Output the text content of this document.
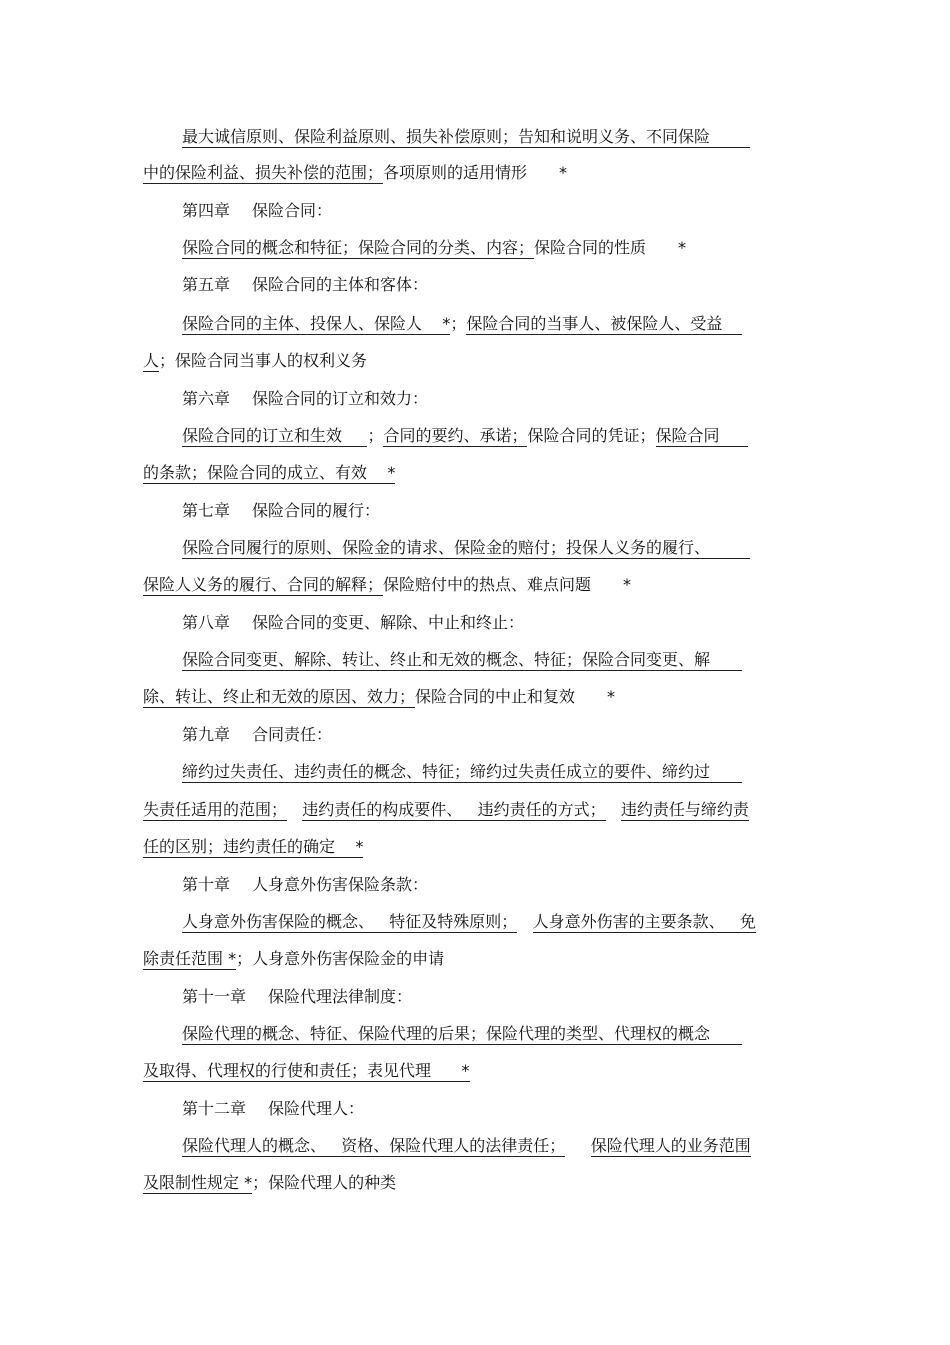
最大诚信原则、保险利益原则、损失补偿原则；告知和说明义务、不同保险
中的保险利益、损失补偿的范围；各项原则的适用情形 *
第四章 保险合同：
保险合同的概念和特征；保险合同的分类、内容；保险合同的性质 *
第五章 保险合同的主体和客体：
保险合同的主体、投保人、保险人 *；保险合同的当事人、被保险人、受益
人；保险合同当事人的权利义务
第六章 保险合同的订立和效力：
保险合同的订立和生效 ；合同的要约、承诺；保险合同的凭证；保险合同
的条款；保险合同的成立、有效 *
第七章 保险合同的履行：
保险合同履行的原则、保险金的请求、保险金的赔付；投保人义务的履行、
保险人义务的履行、合同的解释；保险赔付中的热点、难点问题 *
第八章 保险合同的变更、解除、中止和终止：
保险合同变更、解除、转让、终止和无效的概念、特征；保险合同变更、解
除、转让、终止和无效的原因、效力；保险合同的中止和复效 *
第九章 合同责任：
缔约过失责任、违约责任的概念、特征；缔约过失责任成立的要件、缔约过
失责任适用的范围； 违约责任的构成要件、 违约责任的方式； 违约责任与缔约责
任的区别；违约责任的确定 *
第十章 人身意外伤害保险条款：
人身意外伤害保险的概念、 特征及特殊原则； 人身意外伤害的主要条款、 免
除责任范围 *；人身意外伤害保险金的申请
第十一章 保险代理法律制度：
保险代理的概念、特征、保险代理的后果；保险代理的类型、代理权的概念
及取得、代理权的行使和责任；表见代理 *
第十二章 保险代理人：
保险代理人的概念、 资格、保险代理人的法律责任； 保险代理人的业务范围
及限制性规定 *；保险代理人的种类
